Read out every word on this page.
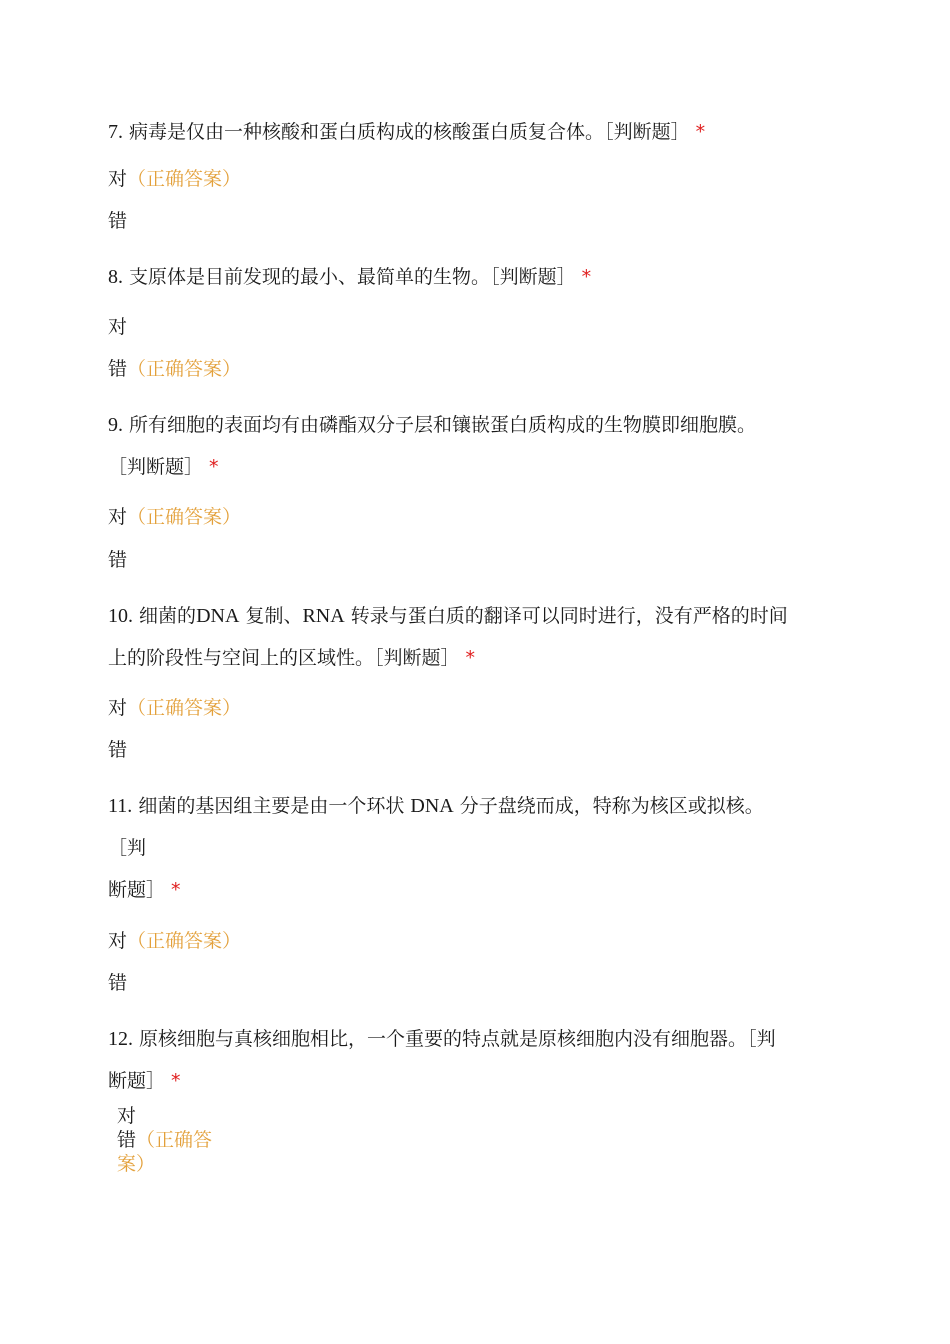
7. 病毒是仅由一种核酸和蛋白质构成的核酸蛋白质复合体。［判断题］ *
对（正确答案）
错
8. 支原体是目前发现的最小、最简单的生物。［判断题］ *
对
错（正确答案）
9. 所有细胞的表面均有由磷酯双分子层和镶嵌蛋白质构成的生物膜即细胞膜。
［判断题］ *
对（正确答案）
错
10. 细菌的DNA 复制、RNA 转录与蛋白质的翻译可以同时进行，没有严格的时间
上的阶段性与空间上的区域性。［判断题］ *
对（正确答案）
错
11. 细菌的基因组主要是由一个环状 DNA 分子盘绕而成，特称为核区或拟核。
［判
断题］ *
对（正确答案）
错
12. 原核细胞与真核细胞相比，一个重要的特点就是原核细胞内没有细胞器。［判
断题］ *
对
错（正确答
案）
